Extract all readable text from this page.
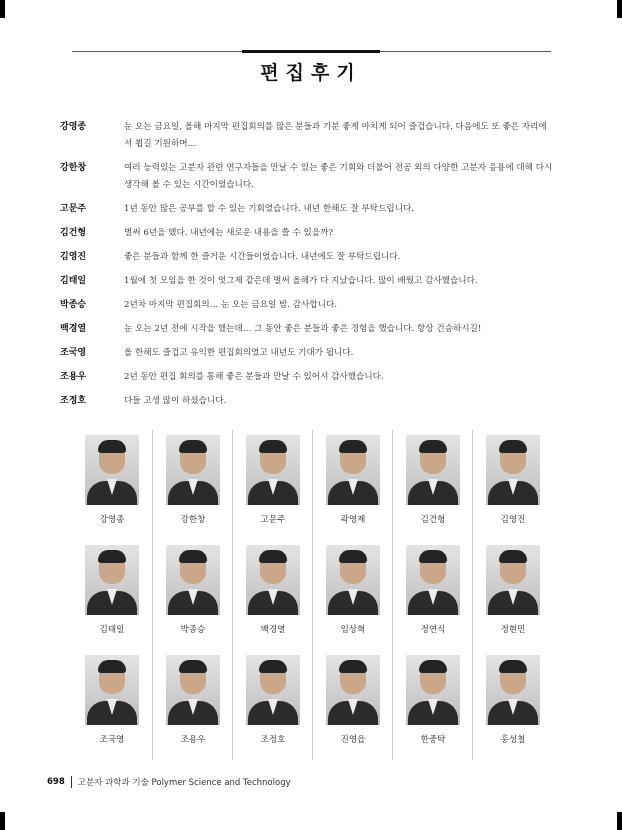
편집후기
강영종	눈 오는 금요일, 올해 마지막 편집회의를 많은 분들과 기분 좋게 마치게 되어 즐겁습니다. 다음에도 또 좋은 자리에서 뵙길 기원하며…
강한창	여러 능력있는 고분자 관련 연구자들을 만날 수 있는 좋은 기회와 더불어 전공 외의 다양한 고분자 응용에 대해 다시 생각해 볼 수 있는 시간이었습니다.
고문주	1년 동안 많은 공부를 할 수 있는 기회였습니다. 내년 한해도 잘 부탁드립니다.
김건형	벌써 6년을 했다. 내년에는 새로운 내용을 쓸 수 있을까?
김영진	좋은 분들과 함께 한 즐거운 시간들이었습니다. 내년에도 잘 부탁드립니다.
김태일	1월에 첫 모임을 한 것이 엇그제 같은데 벌써 올해가 다 지났습니다. 많이 배웠고 감사했습니다.
박종승	2년차 마지막 편집회의… 눈 오는 금요일 밤. 감사합니다.
백경열	눈 오는 2년 전에 시작을 했는데… 그 동안 좋은 분들과 좋은 경험을 했습니다. 항상 건승하시길!
조국영	올 한해도 즐겁고 유익한 편집회의였고 내년도 기대가 됩니다.
조용우	2년 동안 편집 회의를 통해 좋은 분들과 만날 수 있어서 감사했습니다.
조정호	다들 고생 많이 하셨습니다.
강영종	강한창	고문주	곽영제	김건형	김영진
김태일	박종승	백경열	임상혁	정연식	정현민
조국영	조용우	조정호	진영읍	한중탁	홍성철
698 고분자 과학과 기술 Polymer Science and Technology
